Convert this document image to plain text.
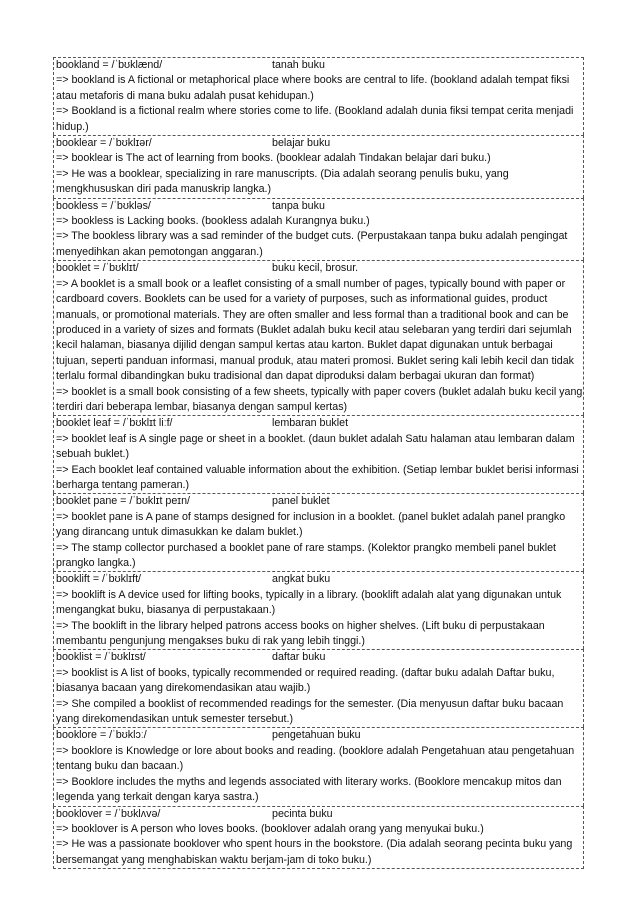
bookland = /ˈbʊklænd/	tanah buku

=> bookland is A fictional or metaphorical place where books are central to life. (bookland adalah tempat fiksi atau metaforis di mana buku adalah pusat kehidupan.)

=> Bookland is a fictional realm where stories come to life. (Bookland adalah dunia fiksi tempat cerita menjadi hidup.)

booklear = /ˈbʊklɪər/	belajar buku

=> booklear is The act of learning from books. (booklear adalah Tindakan belajar dari buku.)

=> He was a booklear, specializing in rare manuscripts. (Dia adalah seorang penulis buku, yang mengkhususkan diri pada manuskrip langka.)

bookless = /ˈbʊkləs/	tanpa buku

=> bookless is Lacking books. (bookless adalah Kurangnya buku.)

=> The bookless library was a sad reminder of the budget cuts. (Perpustakaan tanpa buku adalah pengingat menyedihkan akan pemotongan anggaran.)

booklet = /ˈbʊklɪt/	buku kecil, brosur.

=> A booklet is a small book or a leaflet consisting of a small number of pages, typically bound with paper or cardboard covers. Booklets can be used for a variety of purposes, such as informational guides, product manuals, or promotional materials. They are often smaller and less formal than a traditional book and can be produced in a variety of sizes and formats (Buklet adalah buku kecil atau selebaran yang terdiri dari sejumlah kecil halaman, biasanya dijilid dengan sampul kertas atau karton. Buklet dapat digunakan untuk berbagai tujuan, seperti panduan informasi, manual produk, atau materi promosi. Buklet sering kali lebih kecil dan tidak terlalu formal dibandingkan buku tradisional dan dapat diproduksi dalam berbagai ukuran dan format)

=> booklet is a small book consisting of a few sheets, typically with paper covers (buklet adalah buku kecil yang terdiri dari beberapa lembar, biasanya dengan sampul kertas)

booklet leaf = /ˈbʊklɪt liːf/	lembaran buklet

=> booklet leaf is A single page or sheet in a booklet. (daun buklet adalah Satu halaman atau lembaran dalam sebuah buklet.)

=> Each booklet leaf contained valuable information about the exhibition. (Setiap lembar buklet berisi informasi berharga tentang pameran.)

booklet pane = /ˈbʊklɪt peɪn/	panel buklet

=> booklet pane is A pane of stamps designed for inclusion in a booklet. (panel buklet adalah panel prangko yang dirancang untuk dimasukkan ke dalam buklet.)

=> The stamp collector purchased a booklet pane of rare stamps. (Kolektor prangko membeli panel buklet prangko langka.)

booklift = /ˈbʊklɪft/	angkat buku

=> booklift is A device used for lifting books, typically in a library. (booklift adalah alat yang digunakan untuk mengangkat buku, biasanya di perpustakaan.)

=> The booklift in the library helped patrons access books on higher shelves. (Lift buku di perpustakaan membantu pengunjung mengakses buku di rak yang lebih tinggi.)

booklist = /ˈbʊklɪst/	daftar buku

=> booklist is A list of books, typically recommended or required reading. (daftar buku adalah Daftar buku, biasanya bacaan yang direkomendasikan atau wajib.)

=> She compiled a booklist of recommended readings for the semester. (Dia menyusun daftar buku bacaan yang direkomendasikan untuk semester tersebut.)

booklore = /ˈbʊklɔː/	pengetahuan buku

=> booklore is Knowledge or lore about books and reading. (booklore adalah Pengetahuan atau pengetahuan tentang buku dan bacaan.)

=> Booklore includes the myths and legends associated with literary works. (Booklore mencakup mitos dan legenda yang terkait dengan karya sastra.)

booklover = /ˈbʊklʌvə/	pecinta buku

=> booklover is A person who loves books. (booklover adalah orang yang menyukai buku.)

=> He was a passionate booklover who spent hours in the bookstore. (Dia adalah seorang pecinta buku yang bersemangat yang menghabiskan waktu berjam-jam di toko buku.)
